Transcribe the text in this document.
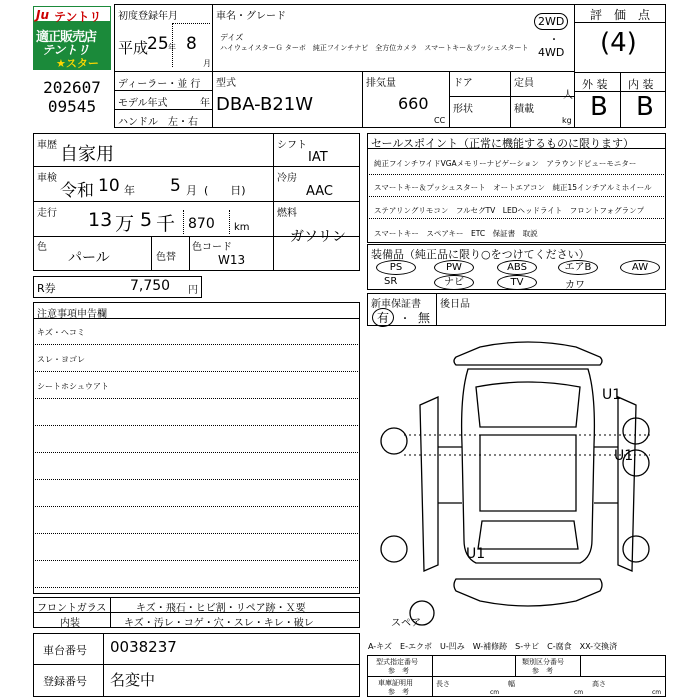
Ju テントリ
適正販売店
テントリ
★スター
202607
09545
初度登録年月
平成
25 年 8
月
車名・グレード
デイズ
ハイウェイスターＧ ターボ　純正フインチナビ　全方位カメラ　スマートキー＆プッシュスタート
2WD
・
4WD
ディーラー・並 行
モデル年式	年
ハンドル　左・右
型式
DBA-B21W
排気量
660
CC
ドア
形状
定員
人
積載
kg
評　価　点
(4)
外 装 内 装
B B
車歴 自家用
車検
令和 10 年 5 月 (　　日)
走行 13 万 5 千 870 km
色
パール	色替
色コード
W13
シフト
IAT
冷房
AAC
燃料
ガソリン
セールスポイント（正常に機能するものに限ります）
純正フインチワイドVGAメモリーナビゲーション　アラウンドビューモニター
スマートキー＆プッシュスタート　オートエアコン　純正15インチアルミホイール
ステアリングリモコン　フルセグTV　LEDヘッドライト　フロントフォグランプ
スマートキー　スペアキー　ETC　保証書　取説
装備品（純正品に限り○をつけてください）
PS	PW	ABS	エアB	AW
SR	ナビ	TV	カワ
R券	7,750 円
新車保証書
有	・ 無
後日品
注意事項申告欄
キズ・ヘコミ
スレ・ヨゴレ
シートホシュウアト
U1
U1
U1
スペア
フロントガラス	キズ・飛石・ヒビ割・リペア跡・Ｘ要
内装	キズ・汚レ・コゲ・穴・スレ・キレ・破レ
車台番号 0038237
登録番号 名変中
A-キズ　E-エクボ　U-凹み　W-補修跡　S-サビ　C-腐食　XX-交換済
型式指定番号
参　考
類別区分番号
参　考
車庫証明用
参　考
長さ
cm
幅
cm
高さ
cm
